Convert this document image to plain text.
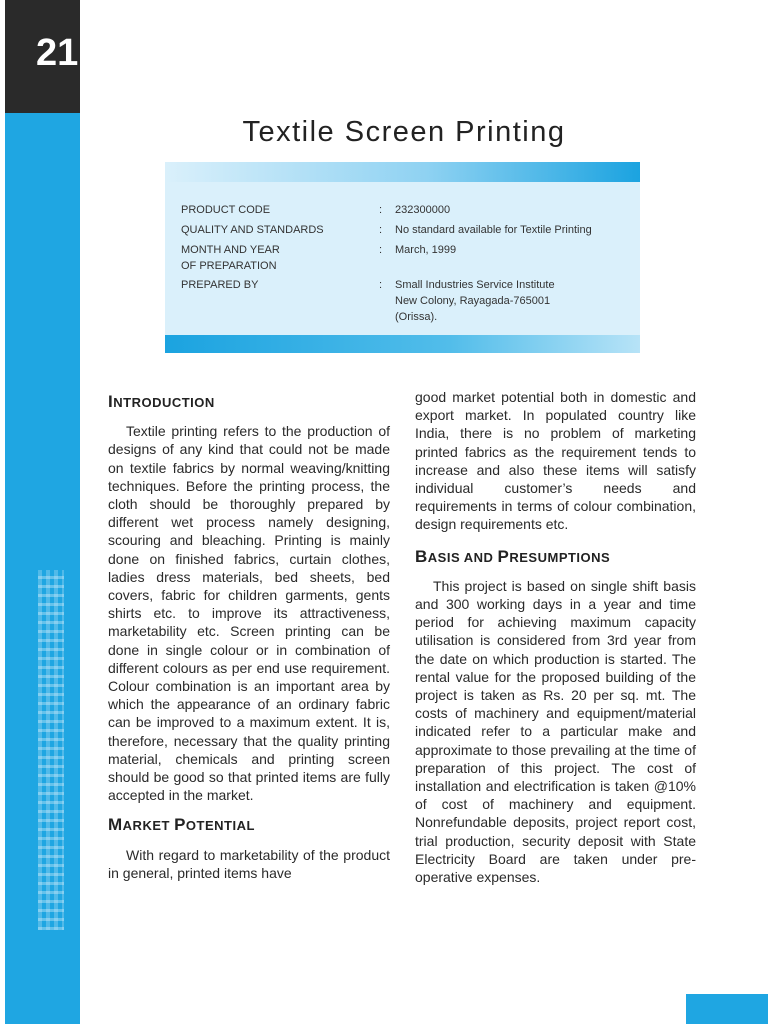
21
Textile Screen Printing
PRODUCT CODE	:	232300000
QUALITY AND STANDARDS	:	No standard available for Textile Printing
MONTH AND YEAR	:	March, 1999
OF PREPARATION
PREPARED BY	:	Small Industries Service Institute
New Colony, Rayagada-765001
(Orissa).
INTRODUCTION

Textile printing refers to the production of designs of any kind that could not be made on textile fabrics by normal weaving/knitting techniques. Before the printing process, the cloth should be thoroughly prepared by different wet process namely designing, scouring and bleaching. Printing is mainly done on finished fabrics, curtain clothes, ladies dress materials, bed sheets, bed covers, fabric for children garments, gents shirts etc. to improve its attractiveness, marketability etc. Screen printing can be done in single colour or in combination of different colours as per end use requirement. Colour combination is an important area by which the appearance of an ordinary fabric can be improved to a maximum extent. It is, therefore, necessary that the quality printing material, chemicals and printing screen should be good so that printed items are fully accepted in the market.

MARKET POTENTIAL

With regard to marketability of the product in general, printed items have

good market potential both in domestic and export market. In populated country like India, there is no problem of marketing printed fabrics as the requirement tends to increase and also these items will satisfy individual customer’s needs and requirements in terms of colour combination, design requirements etc.

BASIS AND PRESUMPTIONS

This project is based on single shift basis and 300 working days in a year and time period for achieving maximum capacity utilisation is considered from 3rd year from the date on which production is started. The rental value for the proposed building of the project is taken as Rs. 20 per sq. mt. The costs of machinery and equipment/material indicated refer to a particular make and approximate to those prevailing at the time of preparation of this project. The cost of installation and electrification is taken @10% of cost of machinery and equipment. Nonrefundable deposits, project report cost, trial production, security deposit with State Electricity Board are taken under pre-operative expenses.
